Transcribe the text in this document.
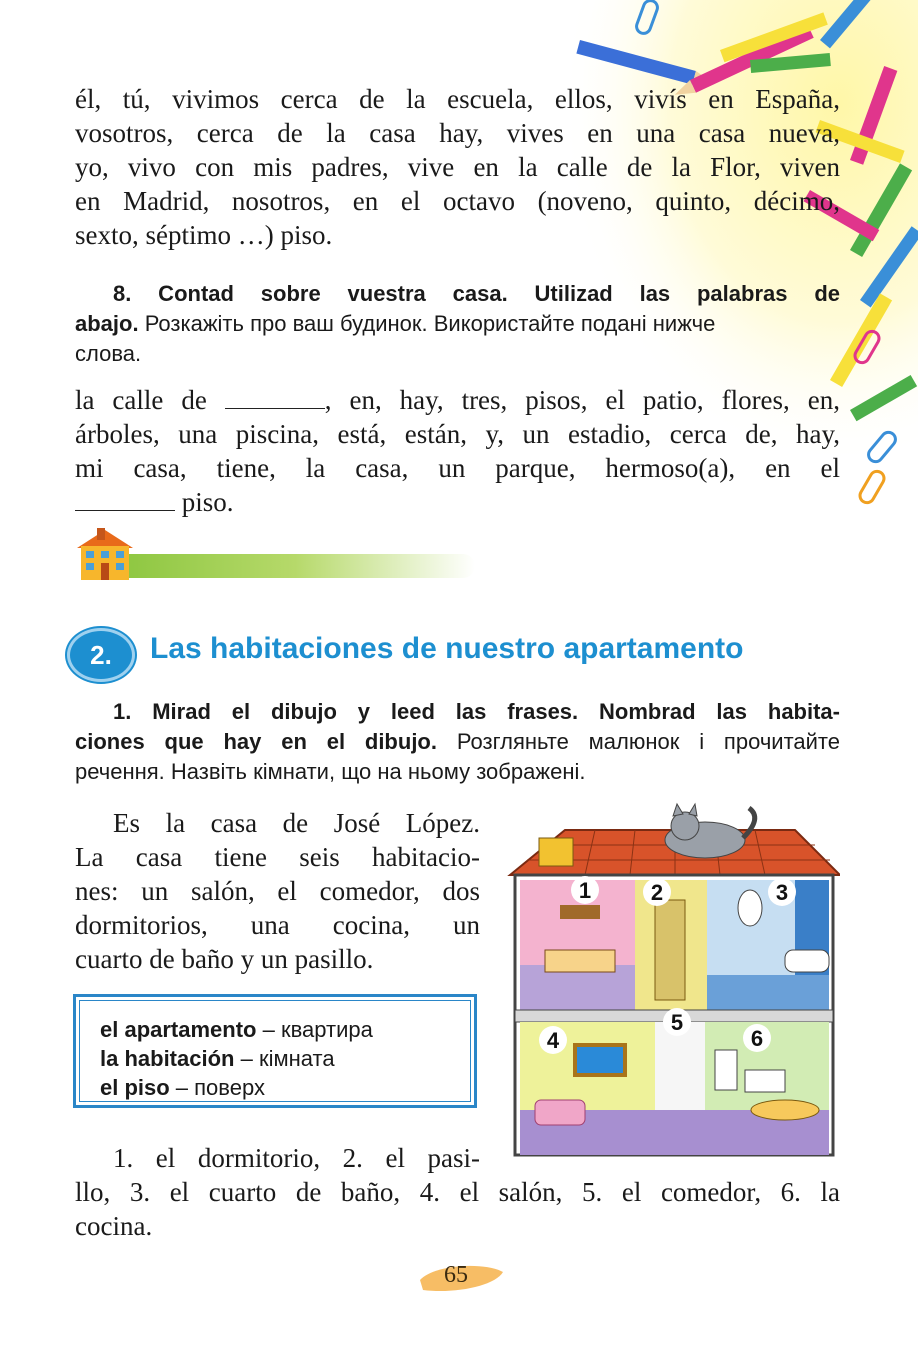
él, tú, vivimos cerca de la escuela, ellos, vivís en España,
vosotros, cerca de la casa hay, vives en una casa nueva,
yo, vivo con mis padres, vive en la calle de la Flor, viven
en Madrid, nosotros, en el octavo (noveno, quinto, décimo,
sexto, séptimo …) piso.
8. Contad sobre vuestra casa. Utilizad las palabras de
abajo. Розкажіть про ваш будинок. Використайте подані нижче
слова.
la calle de	, en, hay, tres, pisos, el patio, flores, en,
árboles, una piscina, está, están, y, un estadio, cerca de, hay,
mi casa, tiene, la casa, un parque, hermoso(a), en el
piso.
2.	Las habitaciones de nuestro apartamento
1. Mirad el dibujo y leed las frases. Nombrad las habita-
ciones que hay en el dibujo. Розгляньте малюнок і прочитайте
речення. Назвіть кімнати, що на ньому зображені.
Es la casa de José López.
La casa tiene seis habitacio-
nes: un salón, el comedor, dos
dormitorios, una cocina, un
cuarto de baño y un pasillo.
el apartamento – квартира
la habitación – кімната
el piso – поверх
1	2	3
4
5
6
1. el dormitorio, 2. el pasi-
llo, 3. el cuarto de baño, 4. el salón, 5. el comedor, 6. la
cocina.
65
